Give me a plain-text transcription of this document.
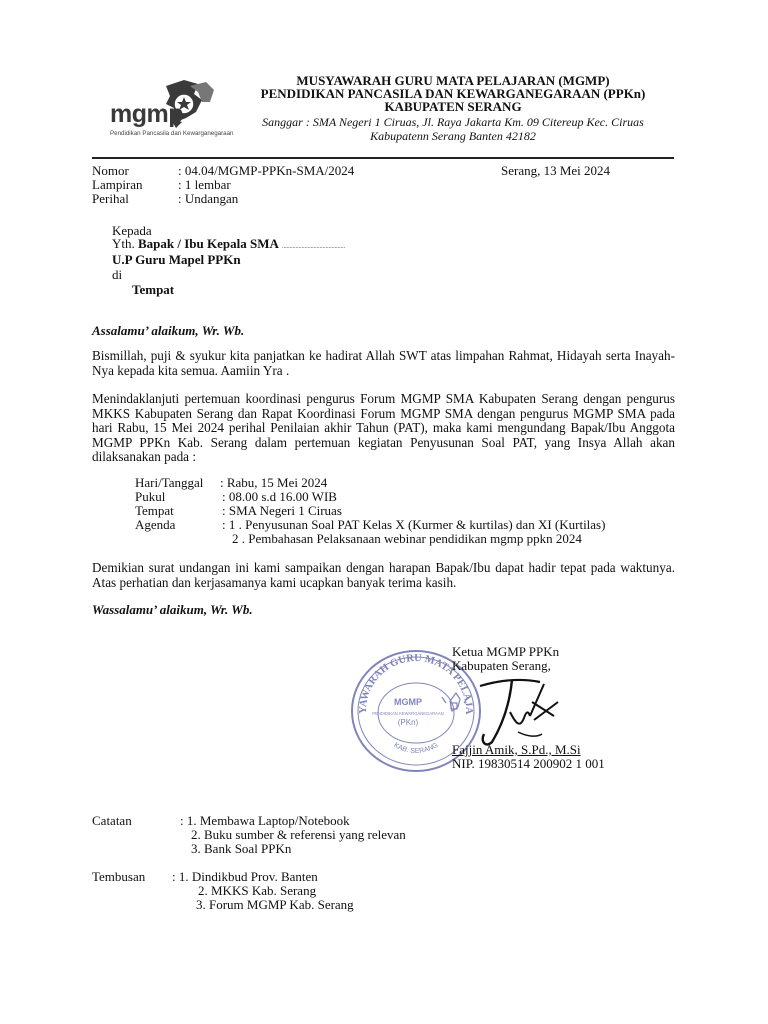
mgmp
Pendidikan Pancasila dan Kewarganegaraan
MUSYAWARAH GURU MATA PELAJARAN (MGMP)
PENDIDIKAN PANCASILA DAN KEWARGANEGARAAN (PPKn)
KABUPATEN SERANG
Sanggar : SMA Negeri 1 Ciruas, Jl. Raya Jakarta Km. 09 Citereup Kec. Ciruas
Kabupatenn Serang Banten 42182
Nomor	: 04.04/MGMP-PPKn-SMA/2024	Serang, 13 Mei 2024
Lampiran	: 1 lembar
Perihal	: Undangan
Kepada
Yth. Bapak / Ibu Kepala SMA ..........................................
U.P Guru Mapel PPKn
di
Tempat
Assalamu’ alaikum, Wr. Wb.
Bismillah, puji & syukur kita panjatkan ke hadirat Allah SWT atas limpahan Rahmat, Hidayah serta Inayah-Nya kepada kita semua. Aamiin Yra .
Menindaklanjuti pertemuan koordinasi pengurus Forum MGMP SMA Kabupaten Serang dengan pengurus MKKS Kabupaten Serang dan Rapat Koordinasi Forum MGMP SMA dengan pengurus MGMP SMA pada hari Rabu, 15 Mei 2024 perihal Penilaian akhir Tahun (PAT), maka kami mengundang Bapak/Ibu Anggota MGMP PPKn Kab. Serang dalam pertemuan kegiatan Penyusunan Soal PAT, yang Insya Allah akan dilaksanakan pada :
Hari/Tanggal : Rabu, 15 Mei 2024
Pukul	: 08.00 s.d 16.00 WIB
Tempat	: SMA Negeri 1 Ciruas
Agenda	: 1 . Penyusunan Soal PAT Kelas X (Kurmer & kurtilas) dan XI (Kurtilas)
2 . Pembahasan Pelaksanaan webinar pendidikan mgmp ppkn 2024
Demikian surat undangan ini kami sampaikan dengan harapan Bapak/Ibu dapat hadir tepat pada waktunya. Atas perhatian dan kerjasamanya kami ucapkan banyak terima kasih.
Wassalamu’ alaikum, Wr. Wb.
YAWARAH GURU MATA PELAJA
KAB. SERANG
MGMP
PENDIDIKAN KEWARGANEGARAAN
(PKn)
Ketua MGMP PPKn
Kabupaten Serang,
Fajjin Amik, S.Pd., M.Si
NIP. 19830514 200902 1 001
Catatan	: 1. Membawa Laptop/Notebook
2. Buku sumber & referensi yang relevan
3. Bank Soal PPKn
Tembusan : 1. Dindikbud Prov. Banten
2. MKKS Kab. Serang
3. Forum MGMP Kab. Serang
